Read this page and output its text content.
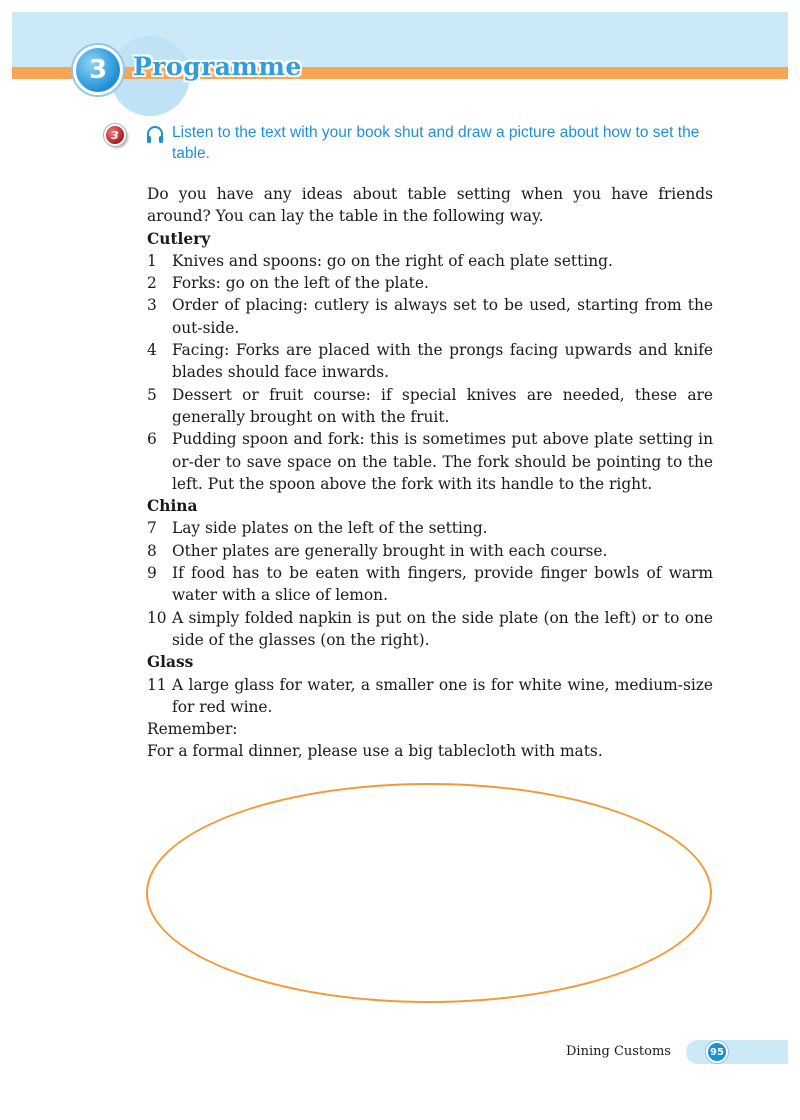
3	Programme
3	Listen to the text with your book shut and draw a picture about how to set the table.

Do you have any ideas about table setting when you have friends around? You can lay the table in the following way.

Cutlery
1 Knives and spoons: go on the right of each plate setting.
2 Forks: go on the left of the plate.
3 Order of placing: cutlery is always set to be used, starting from the out-side.
4 Facing: Forks are placed with the prongs facing upwards and knife blades should face inwards.
5 Dessert or fruit course: if special knives are needed, these are generally brought on with the fruit.
6 Pudding spoon and fork: this is sometimes put above plate setting in or-der to save space on the table. The fork should be pointing to the left. Put the spoon above the fork with its handle to the right.
China
7 Lay side plates on the left of the setting.
8 Other plates are generally brought in with each course.
9 If food has to be eaten with fingers, provide finger bowls of warm water with a slice of lemon.
10 A simply folded napkin is put on the side plate (on the left) or to one side of the glasses (on the right).
Glass
11 A large glass for water, a smaller one is for white wine, medium-size for red wine.

Remember:

For a formal dinner, please use a big tablecloth with mats.

Dining Customs	95
